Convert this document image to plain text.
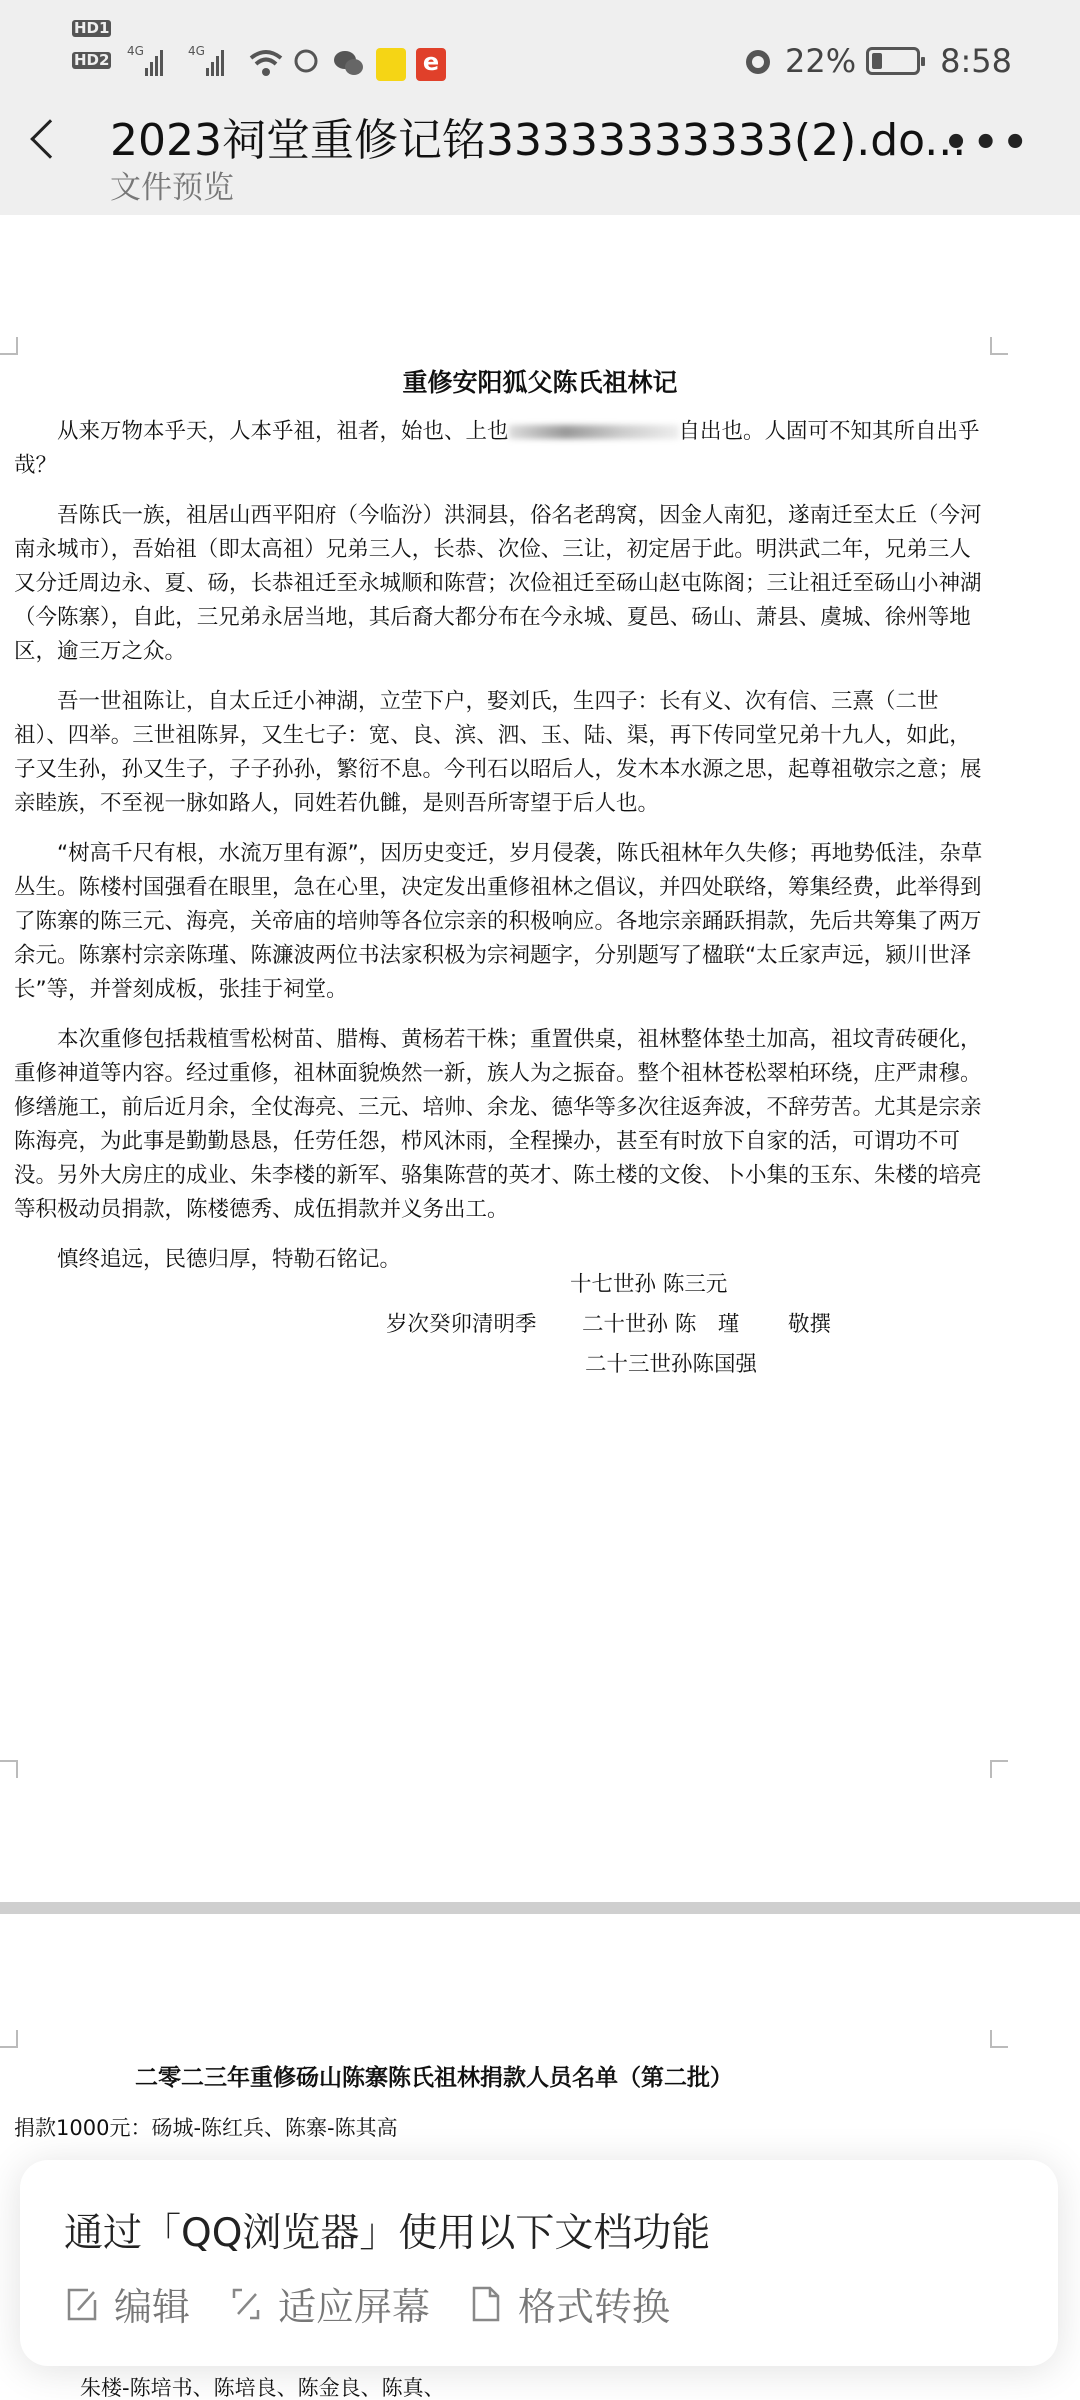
HD1
HD2 4G	4G	e	22%	8:58
2023祠堂重修记铭33333333333(2).do...
文件预览
•••
重修安阳狐父陈氏祖林记

从来万物本乎天，人本乎祖，祖者，始也、上也	自出也。人固可不知其所自出乎哉？

吾陈氏一族，祖居山西平阳府（今临汾）洪洞县，俗名老鸹窝，因金人南犯，遂南迁至太丘（今河南永城市），吾始祖（即太高祖）兄弟三人，长恭、次俭、三让，初定居于此。明洪武二年，兄弟三人又分迁周边永、夏、砀，长恭祖迁至永城顺和陈营；次俭祖迁至砀山赵屯陈阁；三让祖迁至砀山小神湖（今陈寨），自此，三兄弟永居当地，其后裔大都分布在今永城、夏邑、砀山、萧县、虞城、徐州等地区，逾三万之众。

吾一世祖陈让，自太丘迁小神湖，立茔下户，娶刘氏，生四子：长有义、次有信、三熹（二世祖）、四举。三世祖陈昇，又生七子：宽、良、滨、泗、玉、陆、渠，再下传同堂兄弟十九人，如此，子又生孙，孙又生子，子子孙孙，繁衍不息。今刊石以昭后人，发木本水源之思，起尊祖敬宗之意；展亲睦族，不至视一脉如路人，同姓若仇雠，是则吾所寄望于后人也。

“树高千尺有根，水流万里有源”，因历史变迁，岁月侵袭，陈氏祖林年久失修；再地势低洼，杂草丛生。陈楼村国强看在眼里，急在心里，决定发出重修祖林之倡议，并四处联络，筹集经费，此举得到了陈寨的陈三元、海亮，关帝庙的培帅等各位宗亲的积极响应。各地宗亲踊跃捐款，先后共筹集了两万余元。陈寨村宗亲陈瑾、陈濂波两位书法家积极为宗祠题字，分别题写了楹联“太丘家声远，颍川世泽长”等，并誉刻成板，张挂于祠堂。

本次重修包括栽植雪松树苗、腊梅、黄杨若干株；重置供桌，祖林整体垫土加高，祖坟青砖硬化，重修神道等内容。经过重修，祖林面貌焕然一新，族人为之振奋。整个祖林苍松翠柏环绕，庄严肃穆。修缮施工，前后近月余，全仗海亮、三元、培帅、余龙、德华等多次往返奔波，不辞劳苦。尤其是宗亲陈海亮，为此事是勤勤恳恳，任劳任怨，栉风沐雨，全程操办，甚至有时放下自家的活，可谓功不可没。另外大房庄的成业、朱李楼的新军、骆集陈营的英才、陈土楼的文俊、卜小集的玉东、朱楼的培亮等积极动员捐款，陈楼德秀、成伍捐款并义务出工。

慎终追远，民德归厚，特勒石铭记。

十七世孙 陈三元
岁次癸卯清明季 二十世孙 陈　瑾 敬撰
二十三世孙陈国强
二零二三年重修砀山陈寨陈氏祖林捐款人员名单（第二批）
捐款1000元：砀城-陈红兵、陈寨-陈其高
朱楼-陈培书、陈培良、陈金良、陈真、
通过「QQ浏览器」使用以下文档功能
编辑 适应屏幕 格式转换
